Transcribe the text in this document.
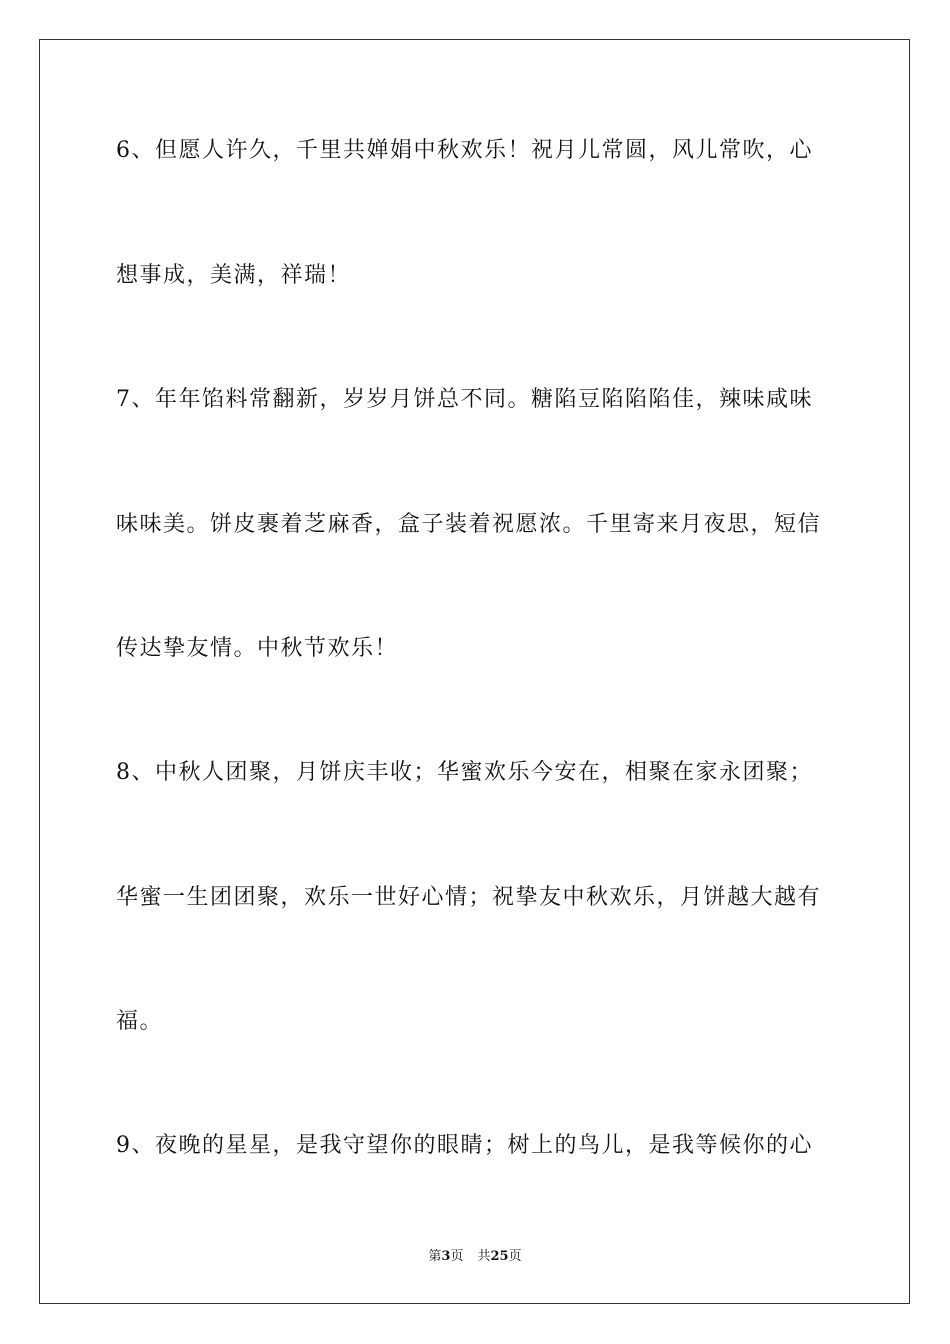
6、但愿人许久，千里共婵娟中秋欢乐！祝月儿常圆，风儿常吹，心
想事成，美满，祥瑞！
7、年年馅料常翻新，岁岁月饼总不同。糖陷豆陷陷陷佳，辣味咸味
味味美。饼皮裹着芝麻香，盒子装着祝愿浓。千里寄来月夜思，短信
传达挚友情。中秋节欢乐！
8、中秋人团聚，月饼庆丰收；华蜜欢乐今安在，相聚在家永团聚；
华蜜一生团团聚，欢乐一世好心情；祝挚友中秋欢乐，月饼越大越有
福。
9、夜晚的星星，是我守望你的眼睛；树上的鸟儿，是我等候你的心
第3页 共25页
